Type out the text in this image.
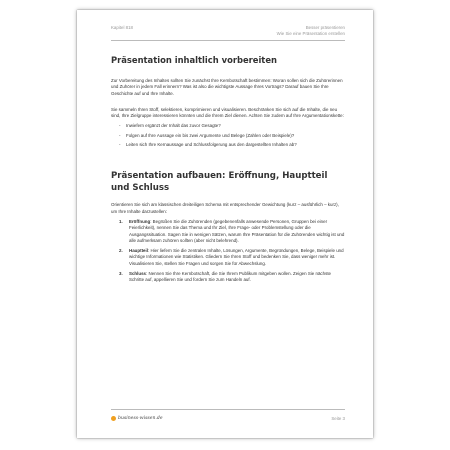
Kapitel 818	Besser präsentieren
Wie Sie eine Präsentation erstellen
Präsentation inhaltlich vorbereiten

Zur Vorbereitung des Inhaltes sollten Sie zunächst Ihre Kernbotschaft bestimmen: Woran sollen sich die Zuhörerinnen und Zuhörer in jedem Fall erinnern? Was ist also die wichtigste Aussage Ihres Vortrags? Darauf bauen Sie Ihre Geschichte auf und Ihre Inhalte.

Sie sammeln Ihren Stoff, selektieren, komprimieren und visualisieren. Beschränken Sie sich auf die Inhalte, die neu sind, Ihre Zielgruppe interessieren könnten und die Ihrem Ziel dienen. Achten Sie zudem auf Ihre Argumentationskette:

- Inwiefern ergänzt der Inhalt das zuvor Gesagte?
- Folgen auf Ihre Aussage ein bis zwei Argumente und Belege (Zahlen oder Beispiele)?
- Leiten sich Ihre Kernaussage und Schlussfolgerung aus den dargestellten Inhalten ab?
Präsentation aufbauen: Eröffnung, Hauptteil und Schluss

Orientieren Sie sich am klassischen dreiteiligen Schema mit entsprechender Gewichtung (kurz – ausführlich – kurz), um Ihre Inhalte darzustellen:

1. Eröffnung: Begrüßen Sie die Zuhörenden (gegebenenfalls anwesende Personen, Gruppen bei einer Feierlichkeit), nennen Sie das Thema und Ihr Ziel, Ihre Frage- oder Problemstellung oder die Ausgangssituation. Sagen Sie in wenigen Sätzen, warum Ihre Präsentation für die Zuhörenden wichtig ist und alle aufmerksam zuhören sollten (aber nicht belehrend).
2. Hauptteil: Hier liefern Sie die zentralen Inhalte, Lösungen, Argumente, Begründungen, Belege, Beispiele und wichtige Informationen wie Statistiken. Gliedern Sie Ihren Stoff und bedenken Sie, dass weniger mehr ist. Visualisieren Sie, stellen Sie Fragen und sorgen Sie für Abwechslung.
3. Schluss: Nennen Sie Ihre Kernbotschaft, die Sie Ihrem Publikum mitgeben wollen. Zeigen Sie nächste Schritte auf, appellieren Sie und fordern Sie zum Handeln auf.
business-wissen.de	Seite 3
